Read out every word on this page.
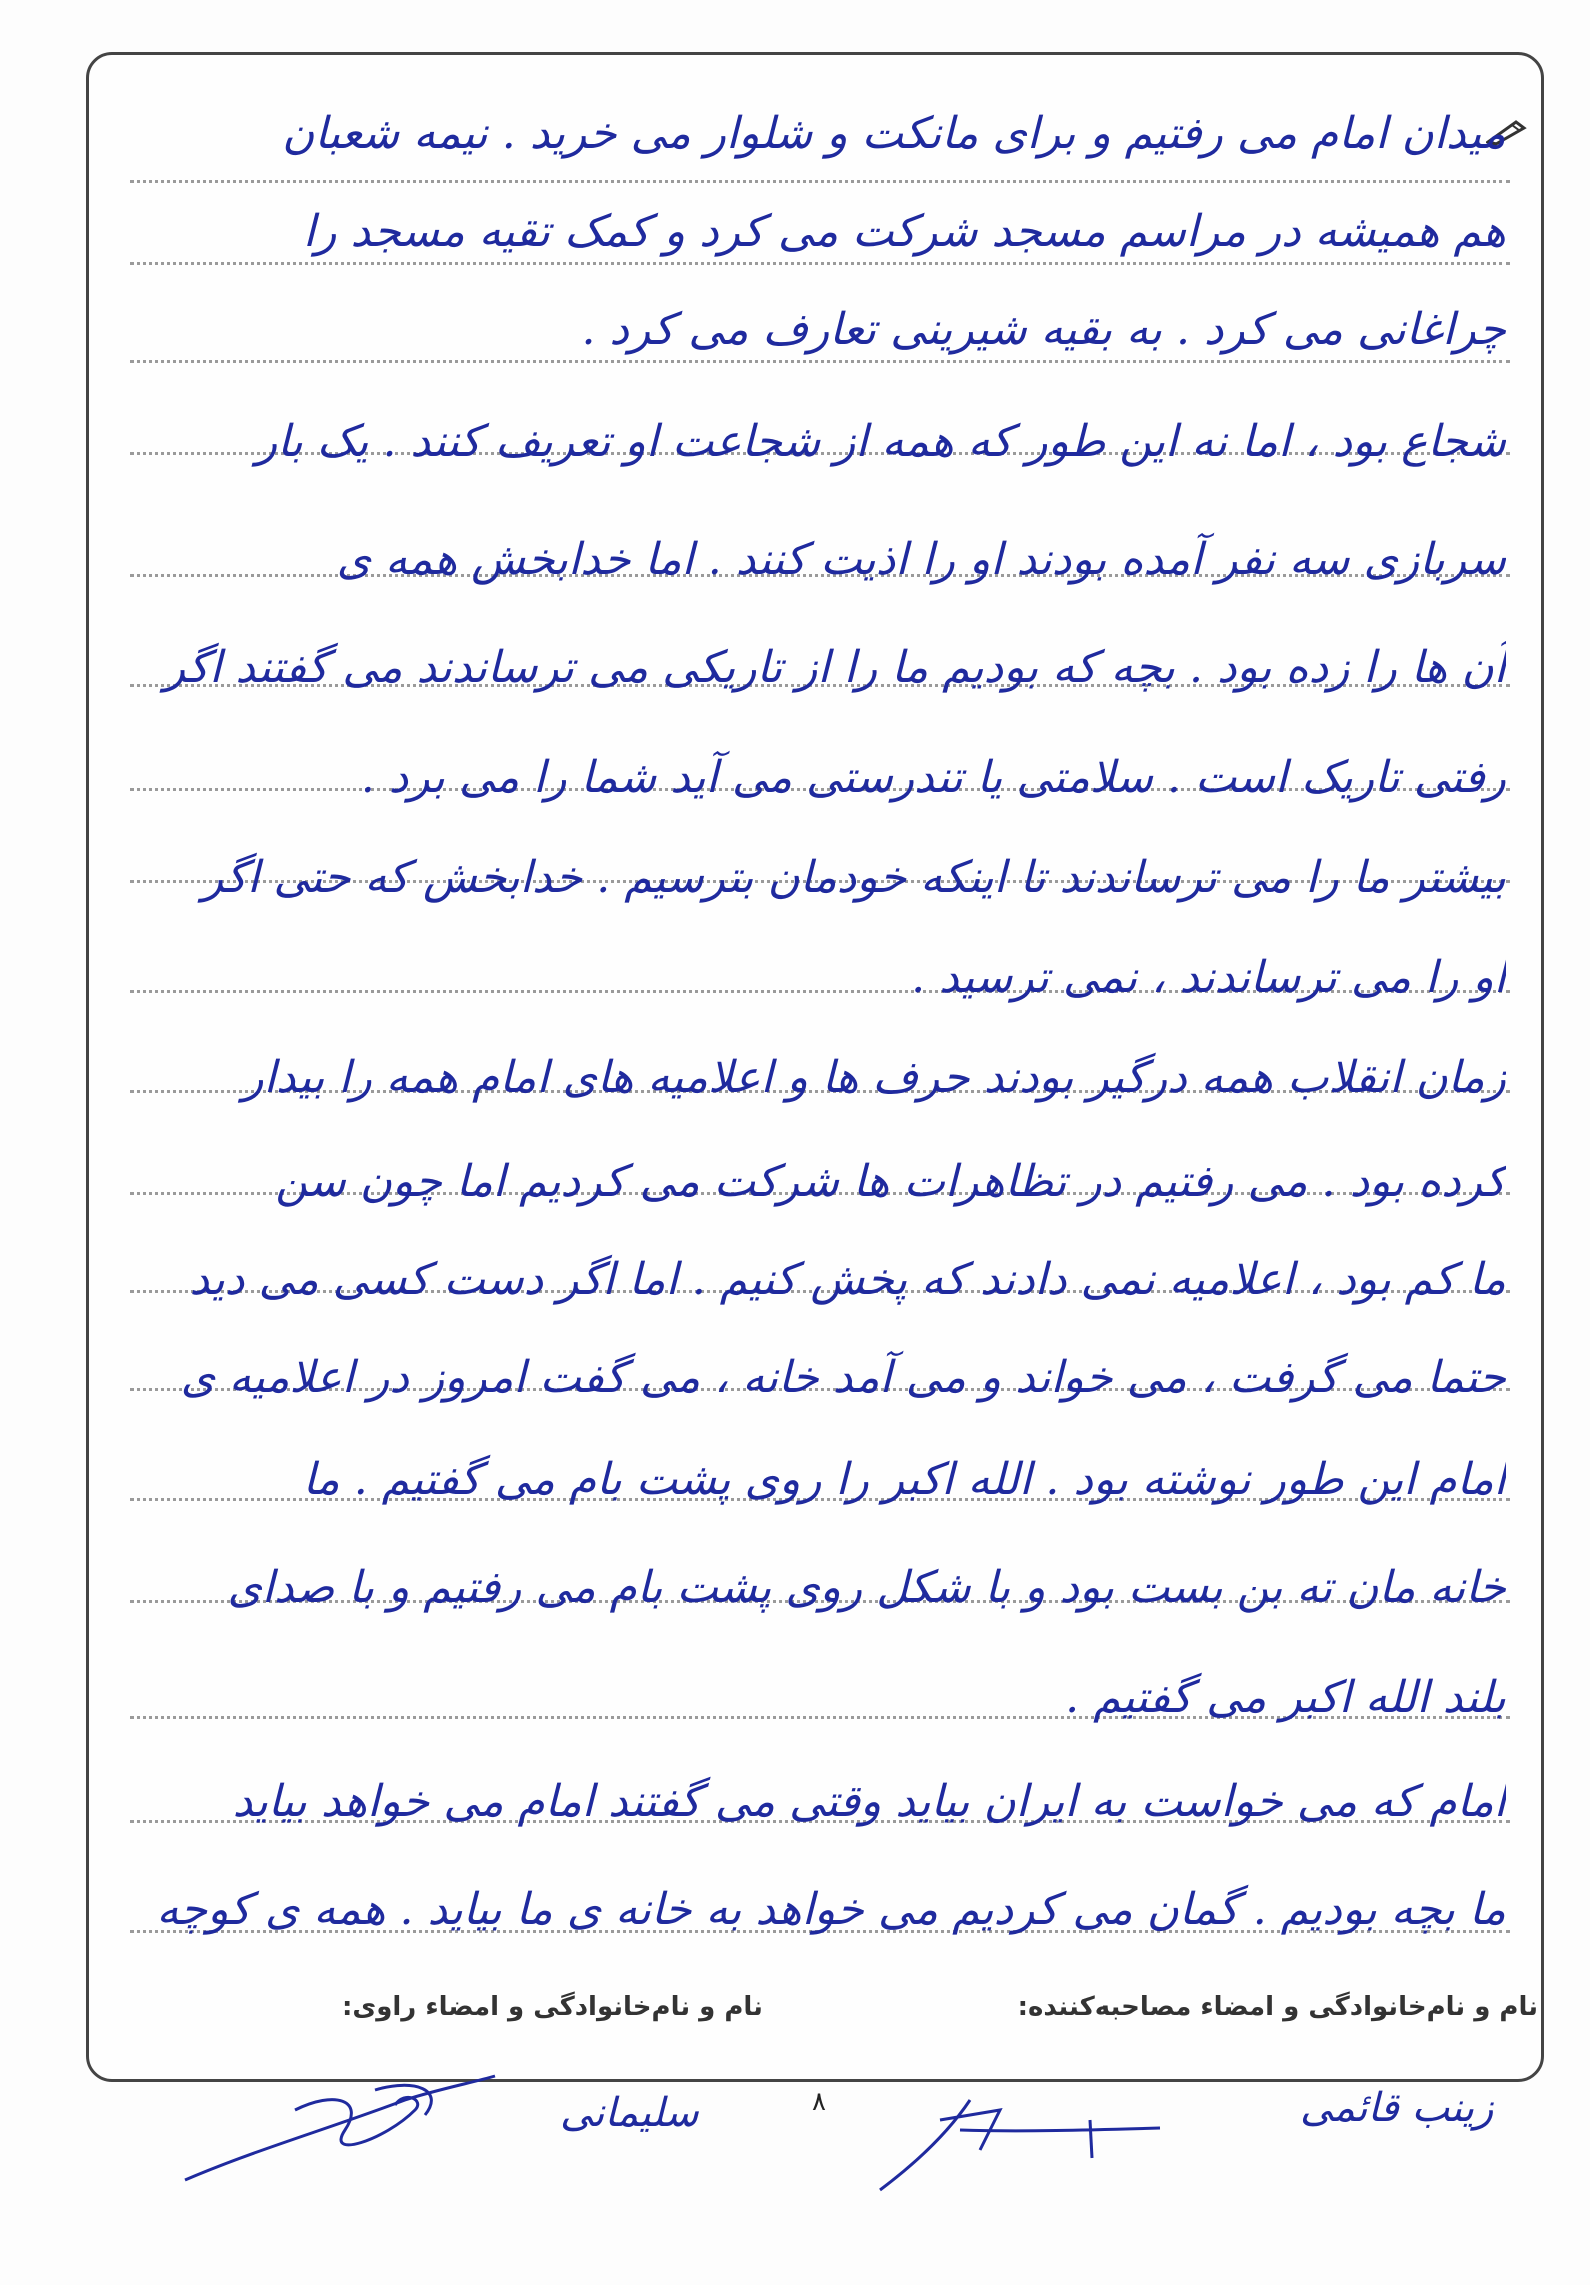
میدان امام می رفتیم و برای مانکت و شلوار می خرید . نیمه شعبان
هم همیشه در مراسم مسجد شرکت می کرد و کمک تقیه مسجد را
چراغانی می کرد . به بقیه شیرینی تعارف می کرد .
شجاع بود ، اما نه این طور که همه از شجاعت او تعریف کنند . یک بار
سربازی سه نفر آمده بودند او را اذیت کنند . اما خدابخش همه ی
آن ها را زده بود . بچه که بودیم ما را از تاریکی می ترساندند می گفتند اگر
رفتی تاریک است . سلامتی یا تندرستی می آید شما را می برد .
بیشتر ما را می ترساندند تا اینکه خودمان بترسیم . خدابخش که حتی اگر
او را می ترساندند ، نمی ترسید .
زمان انقلاب همه درگیر بودند حرف ها و اعلامیه های امام همه را بیدار
کرده بود . می رفتیم در تظاهرات ها شرکت می کردیم اما چون سن
ما کم بود ، اعلامیه نمی دادند که پخش کنیم . اما اگر دست کسی می دید
حتما می گرفت ، می خواند و می آمد خانه ، می گفت امروز در اعلامیه ی
امام این طور نوشته بود . الله اکبر را روی پشت بام می گفتیم . ما
خانه مان ته بن بست بود و با شکل روی پشت بام می رفتیم و با صدای
بلند الله اکبر می گفتیم .
امام که می خواست به ایران بیاید وقتی می گفتند امام می خواهد بیاید
ما بچه بودیم . گمان می کردیم می خواهد به خانه ی ما بیاید . همه ی کوچه
نام و نام‌خانوادگی و امضاء مصاحبه‌کننده:
نام و نام‌خانوادگی و امضاء راوی:
سلیمانی	۸	زینب قائمی
